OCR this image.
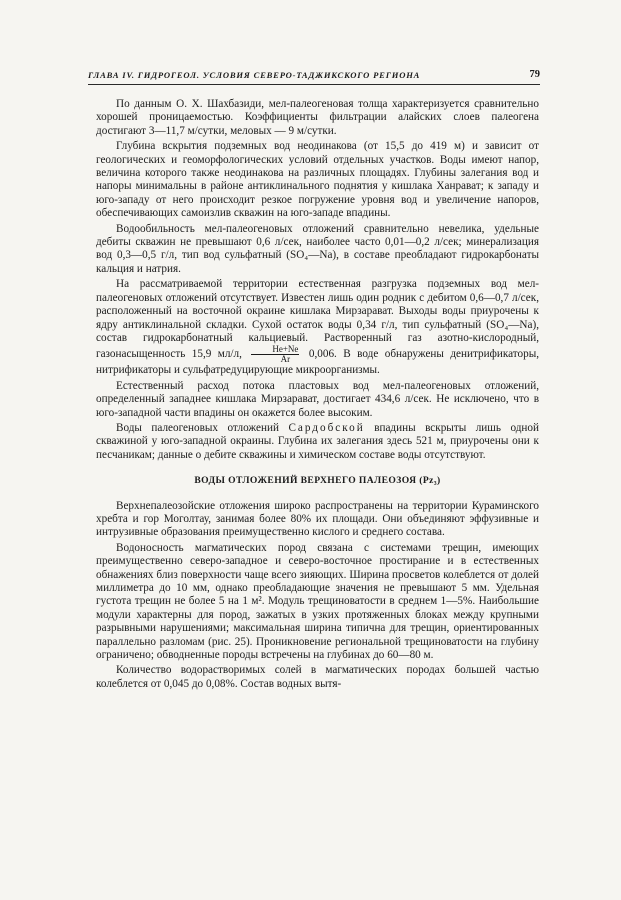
ГЛАВА IV. ГИДРОГЕОЛ. УСЛОВИЯ СЕВЕРО-ТАДЖИКСКОГО РЕГИОНА	79

По данным О. Х. Шахбазиди, мел-палеогеновая толща характеризуется сравнительно хорошей проницаемостью. Коэффициенты фильтрации алайских слоев палеогена достигают 3—11,7 м/сутки, меловых — 9 м/сутки.

Глубина вскрытия подземных вод неодинакова (от 15,5 до 419 м) и зависит от геологических и геоморфологических условий отдельных участков. Воды имеют напор, величина которого также неодинакова на различных площадях. Глубины залегания вод и напоры минимальны в районе антиклинального поднятия у кишлака Ханрават; к западу и юго-западу от него происходит резкое погружение уровня вод и увеличение напоров, обеспечивающих самоизлив скважин на юго-западе впадины.

Водообильность мел-палеогеновых отложений сравнительно невелика, удельные дебиты скважин не превышают 0,6 л/сек, наиболее часто 0,01—0,2 л/сек; минерализация вод 0,3—0,5 г/л, тип вод сульфатный (SO₄—Na), в составе преобладают гидрокарбонаты кальция и натрия.

На рассматриваемой территории естественная разгрузка подземных вод мел-палеогеновых отложений отсутствует. Известен лишь один родник с дебитом 0,6—0,7 л/сек, расположенный на восточной окраине кишлака Мирзарават. Выходы воды приурочены к ядру антиклинальной складки. Сухой остаток воды 0,34 г/л, тип сульфатный (SO₄—Na), состав гидрокарбонатный кальциевый. Растворенный газ азотно-кислородный, газонасыщенность 15,9 мл/л, $\frac{He+Ne}{Ar} 0,006$. В воде обнаружены денитрификаторы, нитрификаторы и сульфатредуцирующие микроорганизмы.

Естественный расход потока пластовых вод мел-палеогеновых отложений, определенный западнее кишлака Мирзарават, достигает 434,6 л/сек. Не исключено, что в юго-западной части впадины он окажется более высоким.

Воды палеогеновых отложений Сардобской впадины вскрыты лишь одной скважиной у юго-западной окраины. Глубина их залегания здесь 521 м, приурочены они к песчаникам; данные о дебите скважины и химическом составе воды отсутствуют.

ВОДЫ ОТЛОЖЕНИЙ ВЕРХНЕГО ПАЛЕОЗОЯ (Pz₃)

Верхнепалеозойские отложения широко распространены на территории Кураминского хребта и гор Моголтау, занимая более 80% их площади. Они объединяют эффузивные и интрузивные образования преимущественно кислого и среднего состава.

Водоносность магматических пород связана с системами трещин, имеющих преимущественно северо-западное и северо-восточное простирание и в естественных обнажениях близ поверхности чаще всего зияющих. Ширина просветов колеблется от долей миллиметра до 10 мм, однако преобладающие значения не превышают 5 мм. Удельная густота трещин не более 5 на 1 м². Модуль трещиноватости в среднем 1—5%. Наибольшие модули характерны для пород, зажатых в узких протяженных блоках между крупными разрывными нарушениями; максимальная ширина типична для трещин, ориентированных параллельно разломам (рис. 25). Проникновение региональной трещиноватости на глубину ограничено; обводненные породы встречены на глубинах до 60—80 м.

Количество водорастворимых солей в магматических породах большей частью колеблется от 0,045 до 0,08%. Состав водных вытя-
